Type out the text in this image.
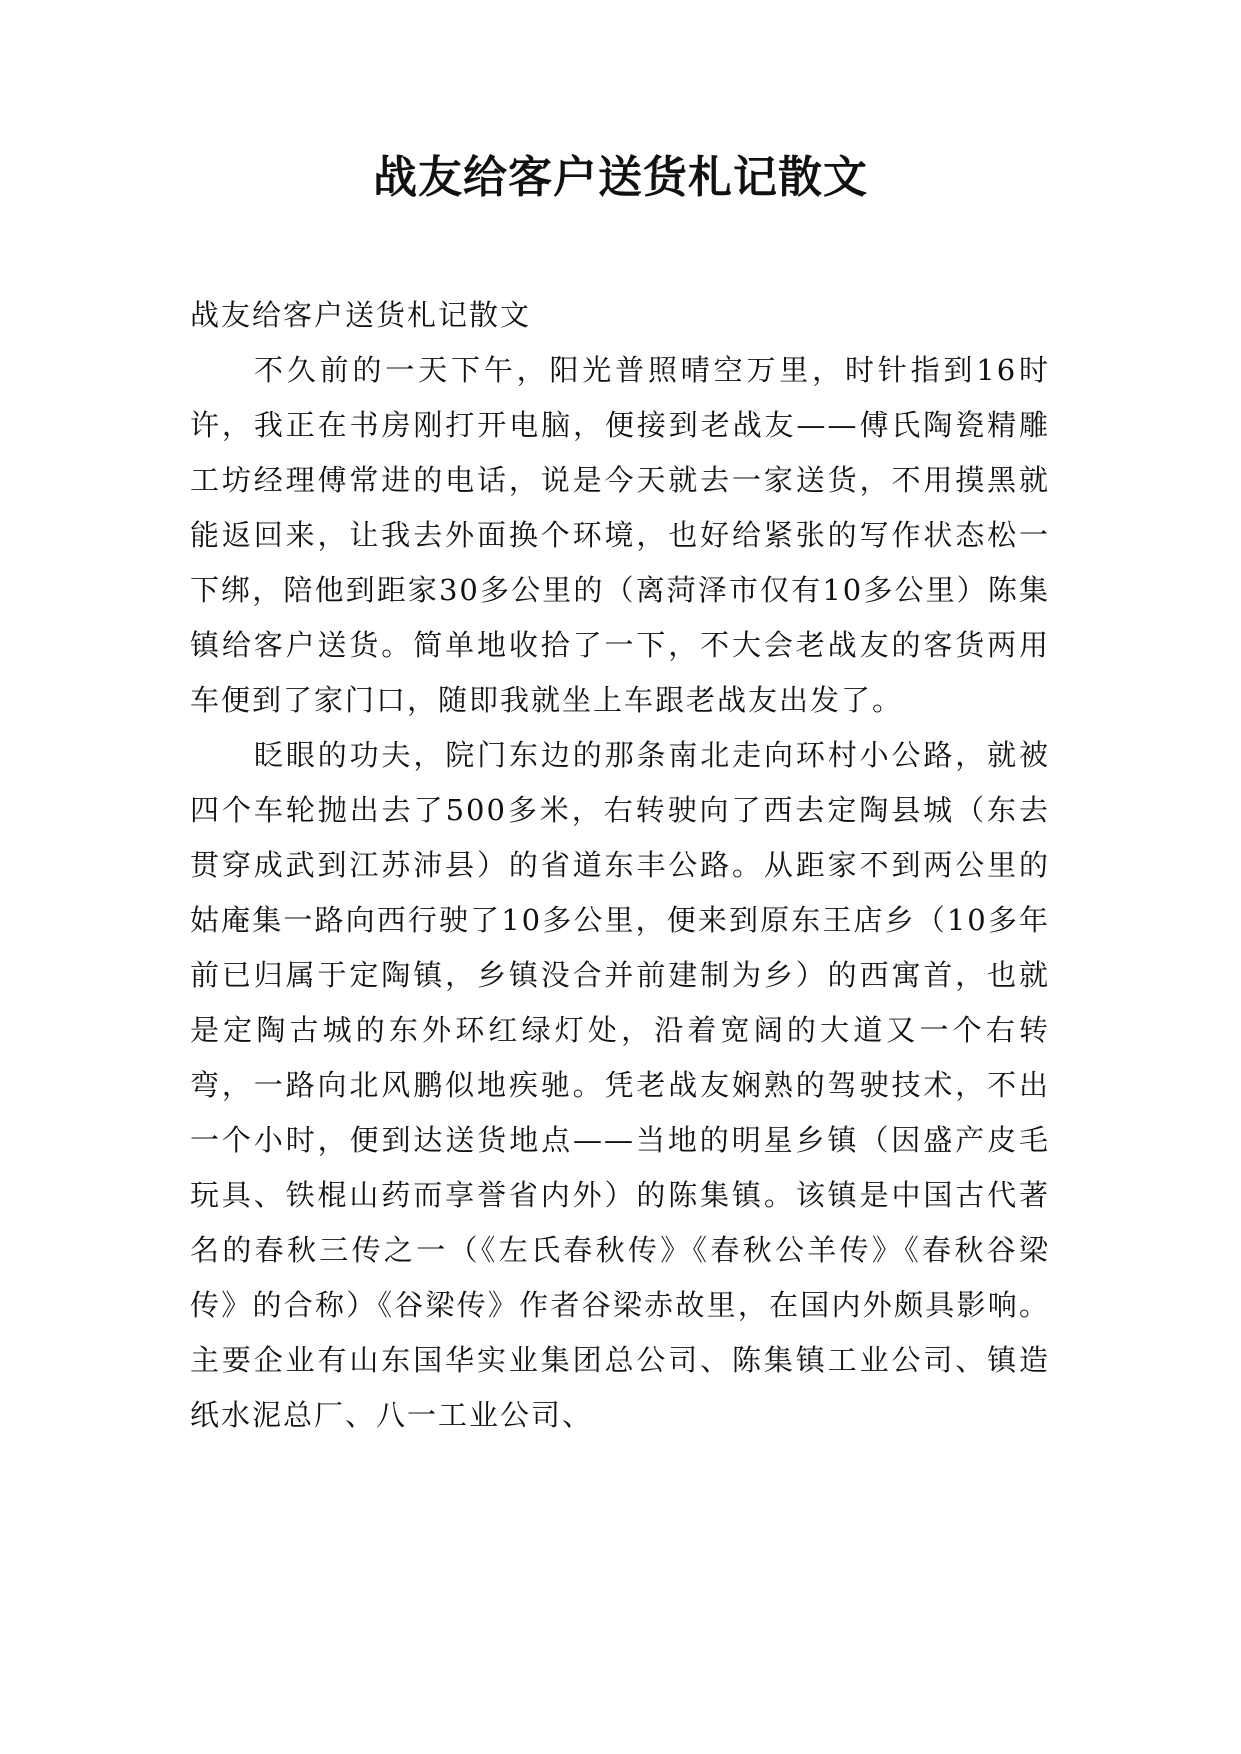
战友给客户送货札记散文

战友给客户送货札记散文

不久前的一天下午，阳光普照晴空万里，时针指到16时许，我正在书房刚打开电脑，便接到老战友——傅氏陶瓷精雕工坊经理傅常进的电话，说是今天就去一家送货，不用摸黑就能返回来，让我去外面换个环境，也好给紧张的写作状态松一下绑，陪他到距家30多公里的（离菏泽市仅有10多公里）陈集镇给客户送货。简单地收拾了一下，不大会老战友的客货两用车便到了家门口，随即我就坐上车跟老战友出发了。

眨眼的功夫，院门东边的那条南北走向环村小公路，就被四个车轮抛出去了500多米，右转驶向了西去定陶县城（东去贯穿成武到江苏沛县）的省道东丰公路。从距家不到两公里的姑庵集一路向西行驶了10多公里，便来到原东王店乡（10多年前已归属于定陶镇，乡镇没合并前建制为乡）的西寓首，也就是定陶古城的东外环红绿灯处，沿着宽阔的大道又一个右转弯，一路向北风鹏似地疾驰。凭老战友娴熟的驾驶技术，不出一个小时，便到达送货地点——当地的明星乡镇（因盛产皮毛玩具、铁棍山药而享誉省内外）的陈集镇。该镇是中国古代著名的春秋三传之一（《左氏春秋传》《春秋公羊传》《春秋谷梁传》的合称）《谷梁传》作者谷梁赤故里，在国内外颇具影响。主要企业有山东国华实业集团总公司、陈集镇工业公司、镇造纸水泥总厂、八一工业公司、
